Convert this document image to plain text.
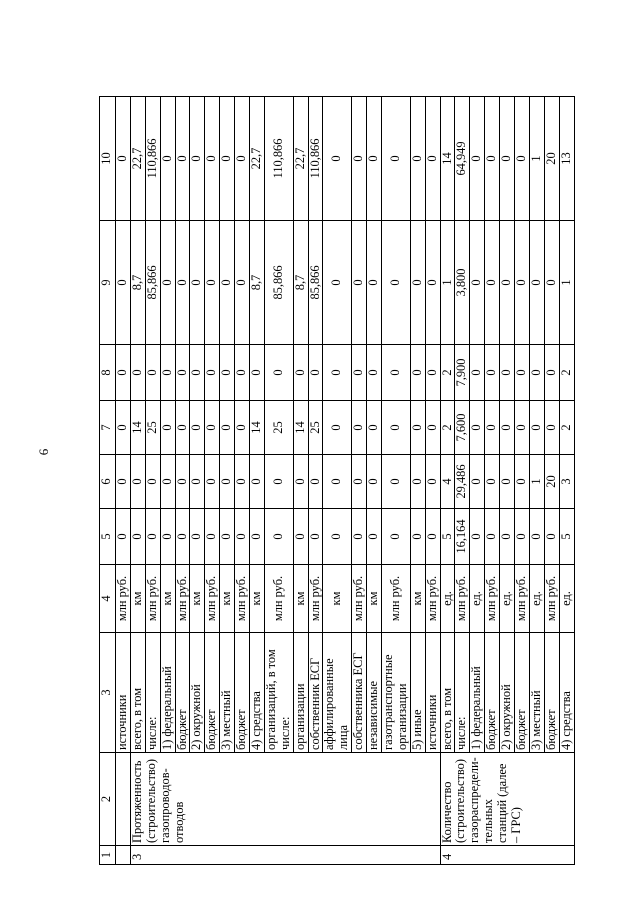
6
1	2	3	4	5	6	7	8	9	10
		источники	млн руб.	0	0	0	0	0	0
3	Протяженность (строительство) газопроводов-отводов	всего, в том	км	0	0	14	0	8,7	22,7
		числе:	млн руб.	0	0	25	0	85,866	110,866
		1) федеральный	км	0	0	0	0	0	0
		бюджет	млн руб.	0	0	0	0	0	0
		2) окружной	км	0	0	0	0	0	0
		бюджет	млн руб.	0	0	0	0	0	0
		3) местный	км	0	0	0	0	0	0
		бюджет	млн руб.	0	0	0	0	0	0
		4) средства	км	0	0	14	0	8,7	22,7
		организаций, в том числе:	млн руб.	0	0	25	0	85,866	110,866
		организации	км	0	0	14	0	8,7	22,7
		собственник ЕСГ	млн руб.	0	0	25	0	85,866	110,866
		аффилированные лица	км	0	0	0	0	0	0
		собственника ЕСГ	млн руб.	0	0	0	0	0	0
		независимые	км	0	0	0	0	0	0
		газотранспортные организации	млн руб.	0	0	0	0	0	0
		5) иные	км	0	0	0	0	0	0
		источники	млн руб.	0	0	0	0	0	0
4	Количество (строительство) газораспредели-тельных станций (далее – ГРС)	всего, в том	ед.	5	4	2	2	1	14
		числе:	млн руб.	16,164	29,486	7,600	7,900	3,800	64,949
		1) федеральный	ед.	0	0	0	0	0	0
		бюджет	млн руб.	0	0	0	0	0	0
		2) окружной	ед.	0	0	0	0	0	0
		бюджет	млн руб.	0	0	0	0	0	0
		3) местный	ед.	0	1	0	0	0	1
		бюджет	млн руб.	0	20	0	0	0	20
		4) средства	ед.	5	3	2	2	1	13
